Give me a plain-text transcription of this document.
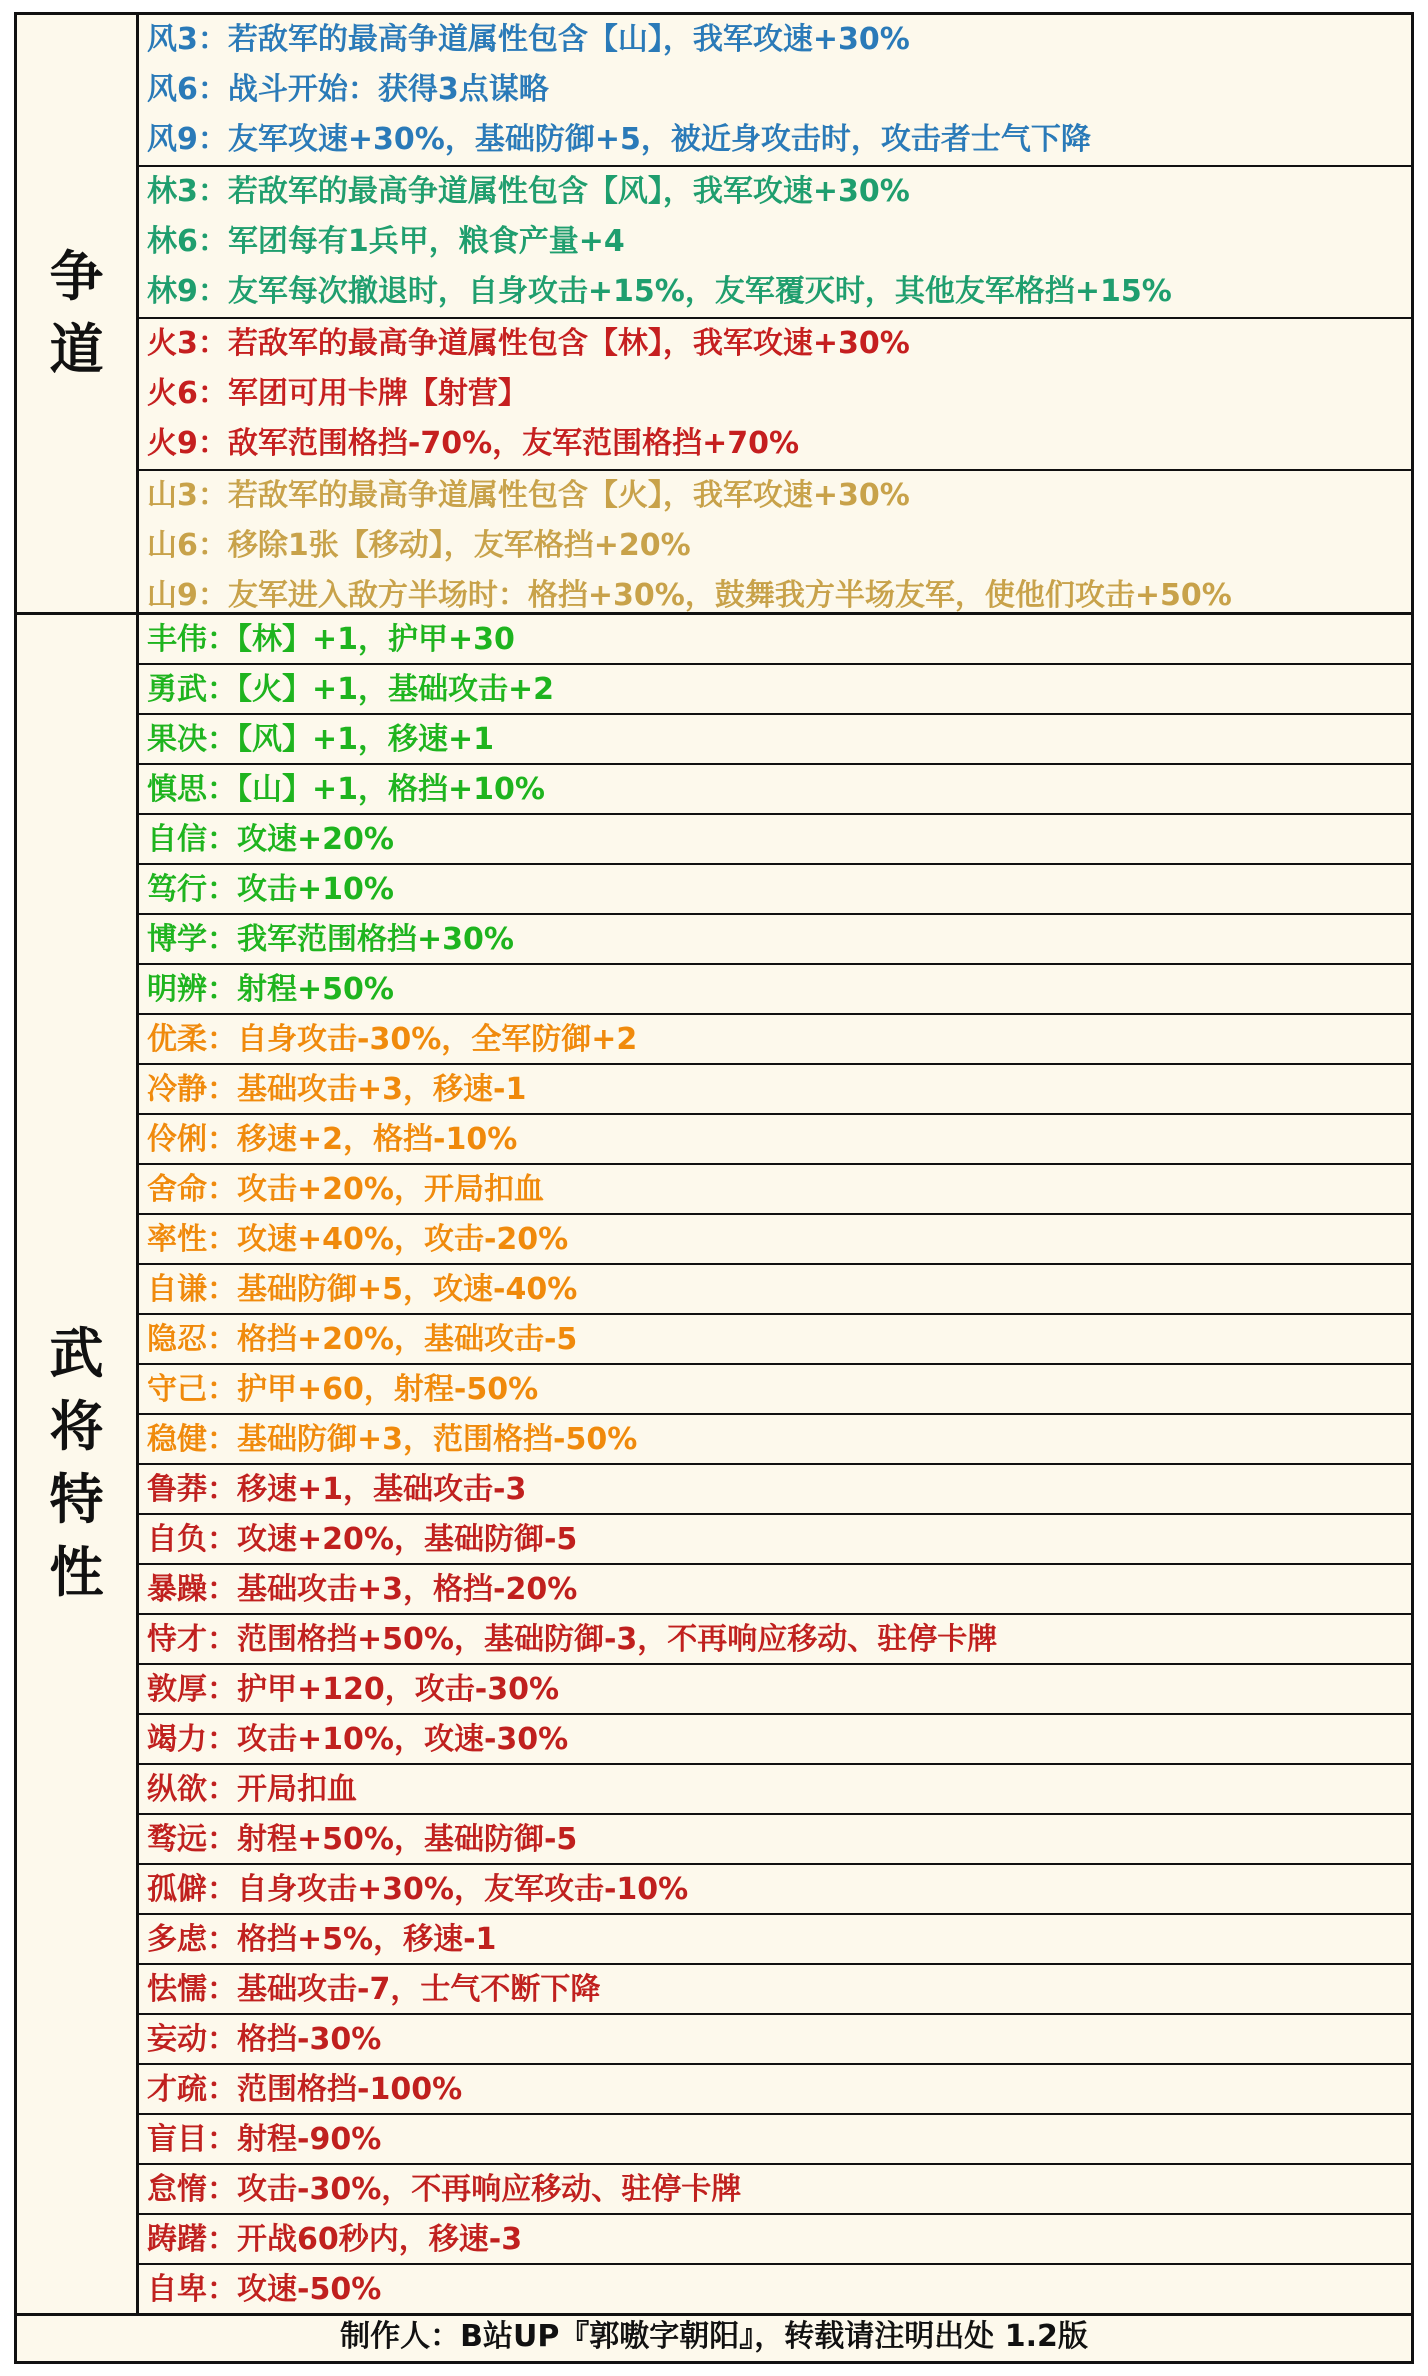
争
道
风3：若敌军的最高争道属性包含【山】，我军攻速+30%
风6：战斗开始：获得3点谋略
风9：友军攻速+30%，基础防御+5，被近身攻击时，攻击者士气下降
林3：若敌军的最高争道属性包含【风】，我军攻速+30%
林6：军团每有1兵甲，粮食产量+4
林9：友军每次撤退时，自身攻击+15%，友军覆灭时，其他友军格挡+15%
火3：若敌军的最高争道属性包含【林】，我军攻速+30%
火6：军团可用卡牌【射营】
火9：敌军范围格挡-70%，友军范围格挡+70%
山3：若敌军的最高争道属性包含【火】，我军攻速+30%
山6：移除1张【移动】，友军格挡+20%
山9：友军进入敌方半场时：格挡+30%，鼓舞我方半场友军，使他们攻击+50%
武
将
特
性
丰伟：【林】+1，护甲+30
勇武：【火】+1，基础攻击+2
果决：【风】+1，移速+1
慎思：【山】+1，格挡+10%
自信：攻速+20%
笃行：攻击+10%
博学：我军范围格挡+30%
明辨：射程+50%
优柔：自身攻击-30%，全军防御+2
冷静：基础攻击+3，移速-1
伶俐：移速+2，格挡-10%
舍命：攻击+20%，开局扣血
率性：攻速+40%，攻击-20%
自谦：基础防御+5，攻速-40%
隐忍：格挡+20%，基础攻击-5
守己：护甲+60，射程-50%
稳健：基础防御+3，范围格挡-50%
鲁莽：移速+1，基础攻击-3
自负：攻速+20%，基础防御-5
暴躁：基础攻击+3，格挡-20%
恃才：范围格挡+50%，基础防御-3，不再响应移动、驻停卡牌
敦厚：护甲+120，攻击-30%
竭力：攻击+10%，攻速-30%
纵欲：开局扣血
骛远：射程+50%，基础防御-5
孤僻：自身攻击+30%，友军攻击-10%
多虑：格挡+5%，移速-1
怯懦：基础攻击-7，士气不断下降
妄动：格挡-30%
才疏：范围格挡-100%
盲目：射程-90%
怠惰：攻击-30%，不再响应移动、驻停卡牌
踌躇：开战60秒内，移速-3
自卑：攻速-50%
制作人：B站UP『郭嗷字朝阳』，转载请注明出处 1.2版
